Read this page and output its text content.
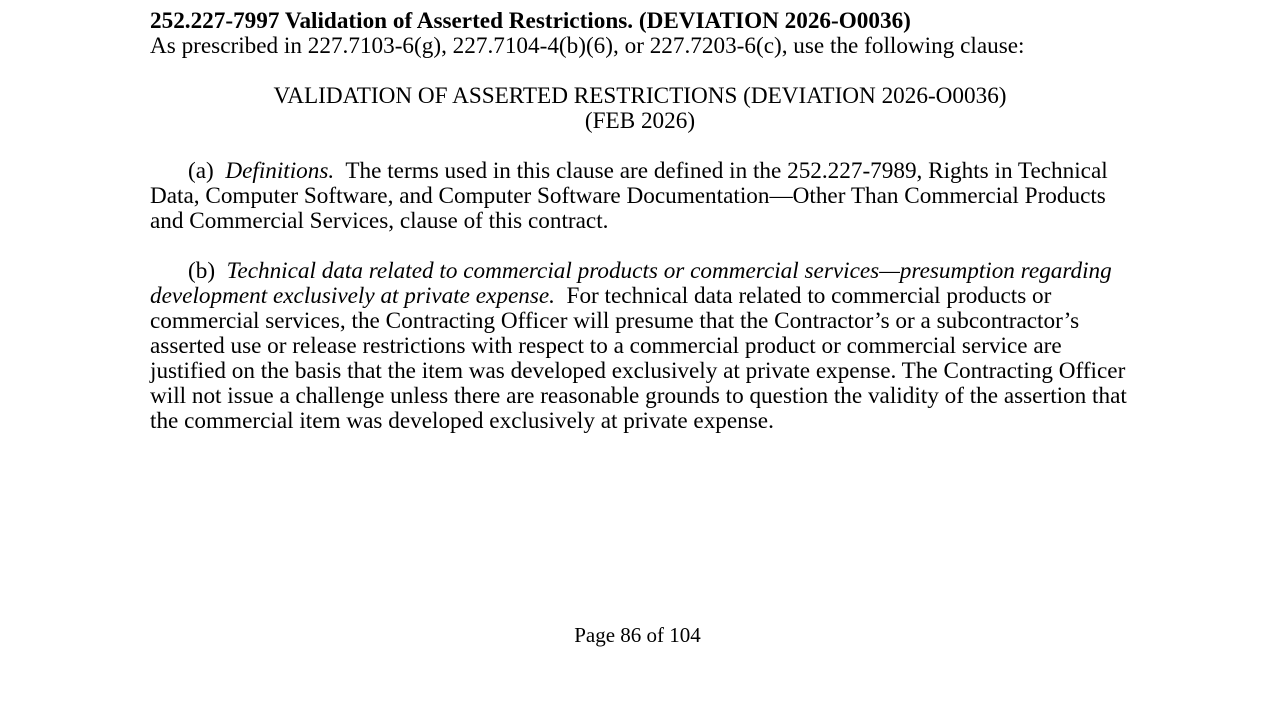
252.227-7997 Validation of Asserted Restrictions. (DEVIATION 2026-O0036)

As prescribed in 227.7103-6(g), 227.7104-4(b)(6), or 227.7203-6(c), use the following clause:

VALIDATION OF ASSERTED RESTRICTIONS (DEVIATION 2026-O0036)
(FEB 2026)

(a) Definitions. The terms used in this clause are defined in the 252.227-7989, Rights in Technical Data, Computer Software, and Computer Software Documentation—Other Than Commercial Products and Commercial Services, clause of this contract.

(b) Technical data related to commercial products or commercial services—presumption regarding development exclusively at private expense. For technical data related to commercial products or commercial services, the Contracting Officer will presume that the Contractor’s or a subcontractor’s asserted use or release restrictions with respect to a commercial product or commercial service are justified on the basis that the item was developed exclusively at private expense. The Contracting Officer will not issue a challenge unless there are reasonable grounds to question the validity of the assertion that the commercial item was developed exclusively at private expense.

Page 86 of 104
